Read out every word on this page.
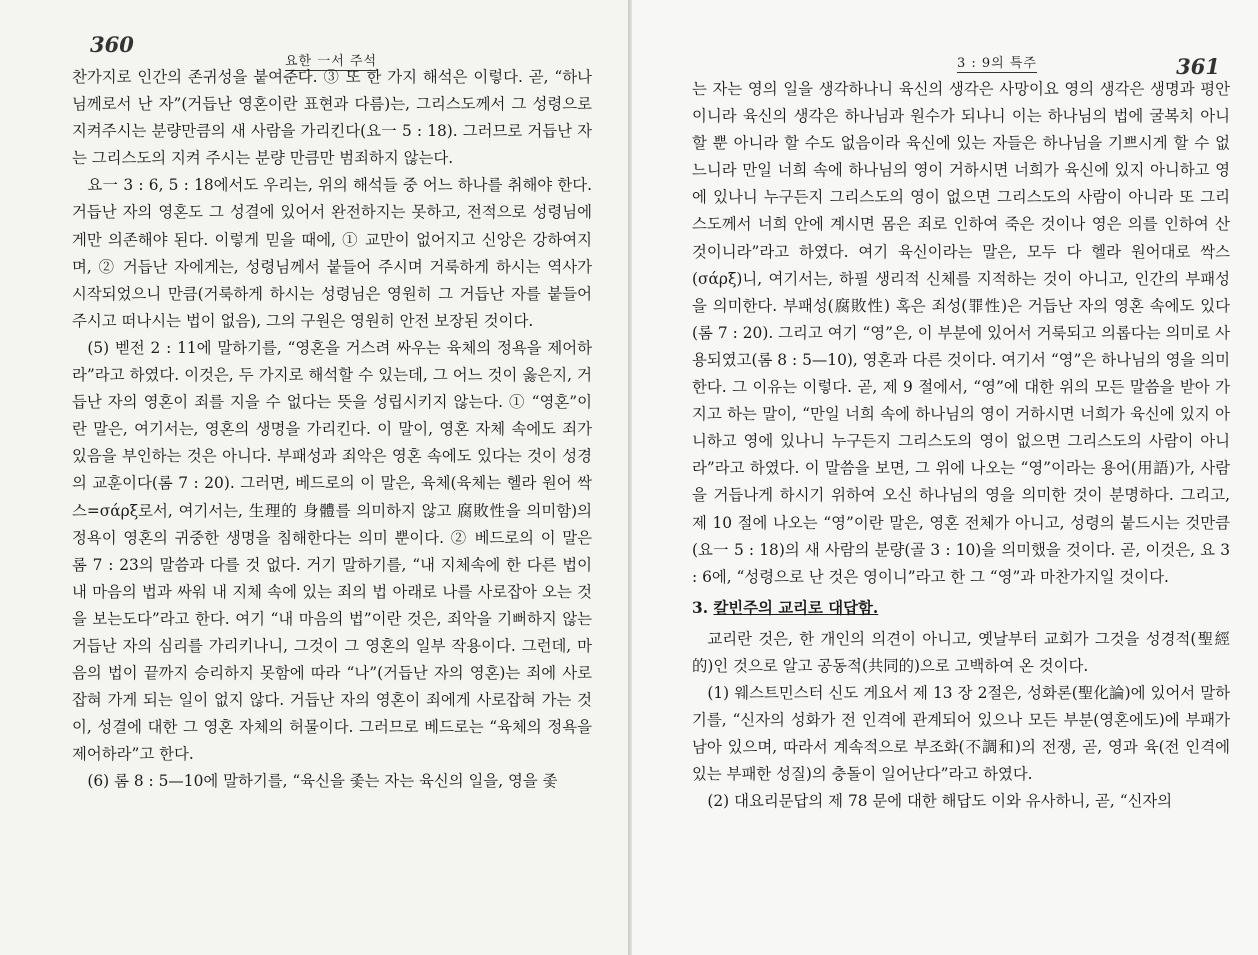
360
요한 一서 주석

찬가지로 인간의 존귀성을 붙여준다. ③ 또 한 가지 해석은 이렇다. 곧, “하나님께로서 난 자”(거듭난 영혼이란 표현과 다름)는, 그리스도께서 그 성령으로 지켜주시는 분량만큼의 새 사람을 가리킨다(요一 5 : 18). 그러므로 거듭난 자는 그리스도의 지켜 주시는 분량 만큼만 범죄하지 않는다.

요一 3 : 6, 5 : 18에서도 우리는, 위의 해석들 중 어느 하나를 취해야 한다. 거듭난 자의 영혼도 그 성결에 있어서 완전하지는 못하고, 전적으로 성령님에게만 의존해야 된다. 이렇게 믿을 때에, ① 교만이 없어지고 신앙은 강하여지며, ② 거듭난 자에게는, 성령님께서 붙들어 주시며 거룩하게 하시는 역사가 시작되었으니 만큼(거룩하게 하시는 성령님은 영원히 그 거듭난 자를 붙들어 주시고 떠나시는 법이 없음), 그의 구원은 영원히 안전 보장된 것이다.

(5) 벧전 2 : 11에 말하기를, “영혼을 거스려 싸우는 육체의 정욕을 제어하라”라고 하였다. 이것은, 두 가지로 해석할 수 있는데, 그 어느 것이 옳은지, 거듭난 자의 영혼이 죄를 지을 수 없다는 뜻을 성립시키지 않는다. ① “영혼”이란 말은, 여기서는, 영혼의 생명을 가리킨다. 이 말이, 영혼 자체 속에도 죄가 있음을 부인하는 것은 아니다. 부패성과 죄악은 영혼 속에도 있다는 것이 성경의 교훈이다(롬 7 : 20). 그러면, 베드로의 이 말은, 육체(육체는 헬라 원어 싹스=σάρξ로서, 여기서는, 生理的 身體를 의미하지 않고 腐敗性을 의미함)의 정욕이 영혼의 귀중한 생명을 침해한다는 의미 뿐이다. ② 베드로의 이 말은 롬 7 : 23의 말씀과 다를 것 없다. 거기 말하기를, “내 지체속에 한 다른 법이 내 마음의 법과 싸워 내 지체 속에 있는 죄의 법 아래로 나를 사로잡아 오는 것을 보는도다”라고 한다. 여기 “내 마음의 법”이란 것은, 죄악을 기뻐하지 않는 거듭난 자의 심리를 가리키나니, 그것이 그 영혼의 일부 작용이다. 그런데, 마음의 법이 끝까지 승리하지 못함에 따라 “나”(거듭난 자의 영혼)는 죄에 사로잡혀 가게 되는 일이 없지 않다. 거듭난 자의 영혼이 죄에게 사로잡혀 가는 것이, 성결에 대한 그 영혼 자체의 허물이다. 그러므로 베드로는 “육체의 정욕을 제어하라”고 한다.

(6) 롬 8 : 5—10에 말하기를, “육신을 좇는 자는 육신의 일을, 영을 좇

361
3 : 9의 특주

는 자는 영의 일을 생각하나니 육신의 생각은 사망이요 영의 생각은 생명과 평안이니라 육신의 생각은 하나님과 원수가 되나니 이는 하나님의 법에 굴복치 아니할 뿐 아니라 할 수도 없음이라 육신에 있는 자들은 하나님을 기쁘시게 할 수 없느니라 만일 너희 속에 하나님의 영이 거하시면 너희가 육신에 있지 아니하고 영에 있나니 누구든지 그리스도의 영이 없으면 그리스도의 사람이 아니라 또 그리스도께서 너희 안에 계시면 몸은 죄로 인하여 죽은 것이나 영은 의를 인하여 산 것이니라”라고 하였다. 여기 육신이라는 말은, 모두 다 헬라 원어대로 싹스(σάρξ)니, 여기서는, 하필 생리적 신체를 지적하는 것이 아니고, 인간의 부패성을 의미한다. 부패성(腐敗性) 혹은 죄성(罪性)은 거듭난 자의 영혼 속에도 있다(롬 7 : 20). 그리고 여기 “영”은, 이 부분에 있어서 거룩되고 의롭다는 의미로 사용되였고(롬 8 : 5—10), 영혼과 다른 것이다. 여기서 “영”은 하나님의 영을 의미한다. 그 이유는 이렇다. 곧, 제 9 절에서, “영”에 대한 위의 모든 말씀을 받아 가지고 하는 말이, “만일 너희 속에 하나님의 영이 거하시면 너희가 육신에 있지 아니하고 영에 있나니 누구든지 그리스도의 영이 없으면 그리스도의 사람이 아니라”라고 하였다. 이 말씀을 보면, 그 위에 나오는 “영”이라는 용어(用語)가, 사람을 거듭나게 하시기 위하여 오신 하나님의 영을 의미한 것이 분명하다. 그리고, 제 10 절에 나오는 “영”이란 말은, 영혼 전체가 아니고, 성령의 붙드시는 것만큼(요一 5 : 18)의 새 사람의 분량(골 3 : 10)을 의미했을 것이다. 곧, 이것은, 요 3 : 6에, “성령으로 난 것은 영이니”라고 한 그 “영”과 마찬가지일 것이다.

3. 칼빈주의 교리로 대답함.

교리란 것은, 한 개인의 의견이 아니고, 옛날부터 교회가 그것을 성경적(聖經的)인 것으로 알고 공동적(共同的)으로 고백하여 온 것이다.

(1) 웨스트민스터 신도 게요서 제 13 장 2절은, 성화론(聖化論)에 있어서 말하기를, “신자의 성화가 전 인격에 관계되어 있으나 모든 부분(영혼에도)에 부패가 남아 있으며, 따라서 계속적으로 부조화(不調和)의 전쟁, 곧, 영과 육(전 인격에 있는 부패한 성질)의 충돌이 일어난다”라고 하였다.

(2) 대요리문답의 제 78 문에 대한 해답도 이와 유사하니, 곧, “신자의
